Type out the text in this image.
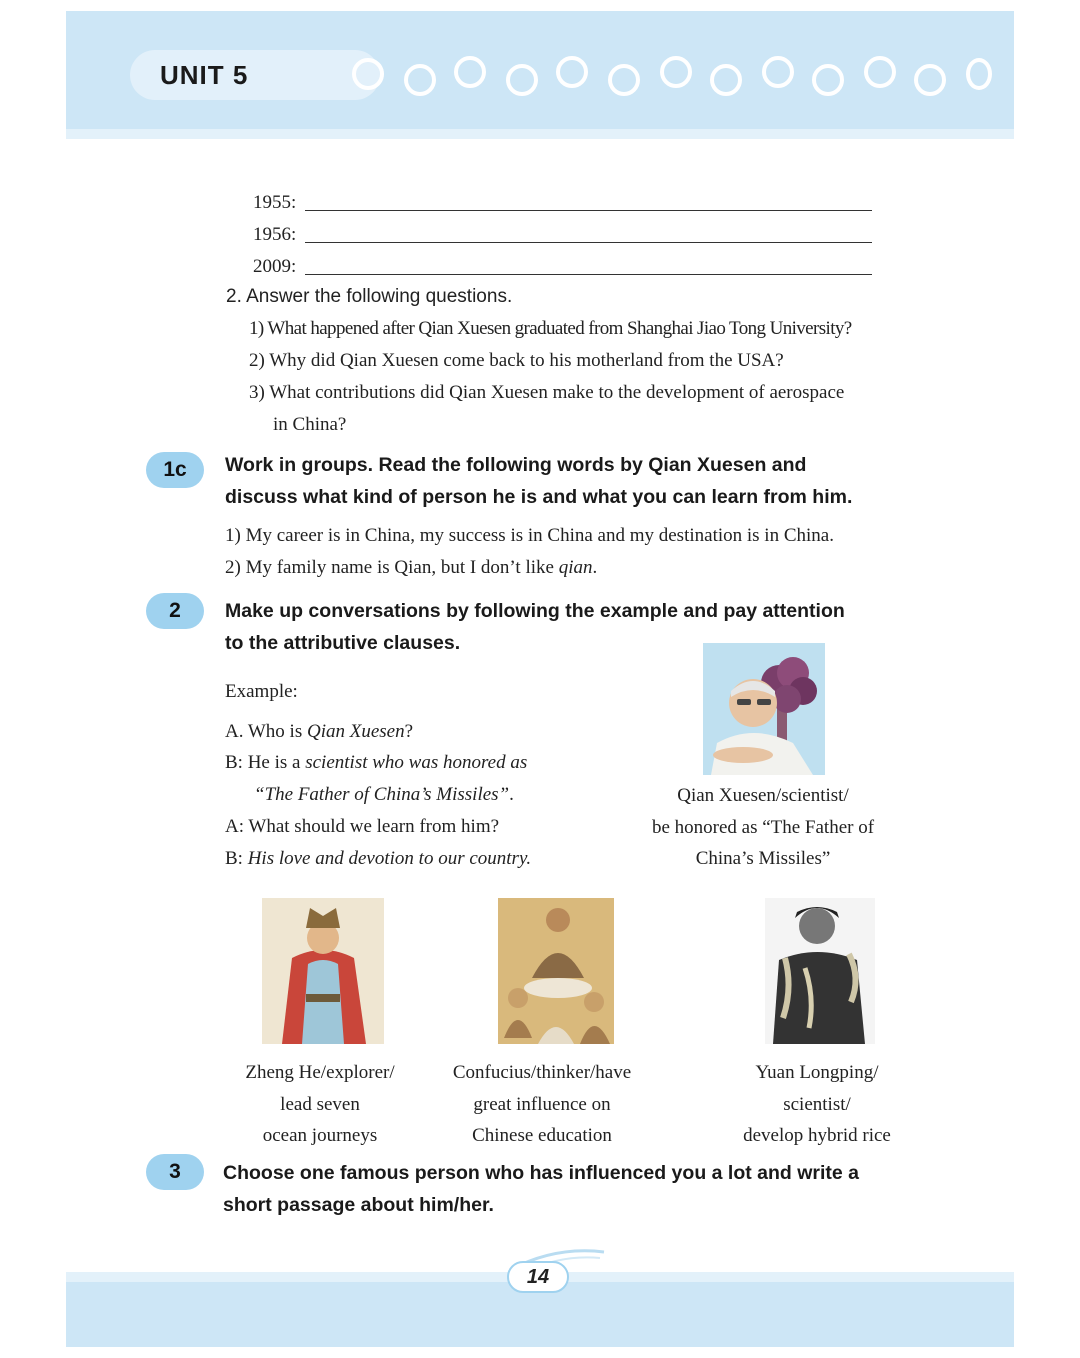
UNIT 5
1955:
1956:
2009:
2. Answer the following questions.
1) What happened after Qian Xuesen graduated from Shanghai Jiao Tong University?
2) Why did Qian Xuesen come back to his motherland from the USA?
3) What contributions did Qian Xuesen make to the development of aerospace
in China?
1c	Work in groups. Read the following words by Qian Xuesen and
discuss what kind of person he is and what you can learn from him.
1) My career is in China, my success is in China and my destination is in China.
2) My family name is Qian, but I don’t like qian.
2	Make up conversations by following the example and pay attention
to the attributive clauses.
Example:
A. Who is Qian Xuesen?
B: He is a scientist who was honored as
“The Father of China’s Missiles”.
A: What should we learn from him?
B: His love and devotion to our country.
Qian Xuesen/scientist/
be honored as “The Father of
China’s Missiles”
Zheng He/explorer/
lead seven
ocean journeys
Confucius/thinker/have
great influence on
Chinese education
Yuan Longping/
scientist/
develop hybrid rice
3	Choose one famous person who has influenced you a lot and write a
short passage about him/her.
14
